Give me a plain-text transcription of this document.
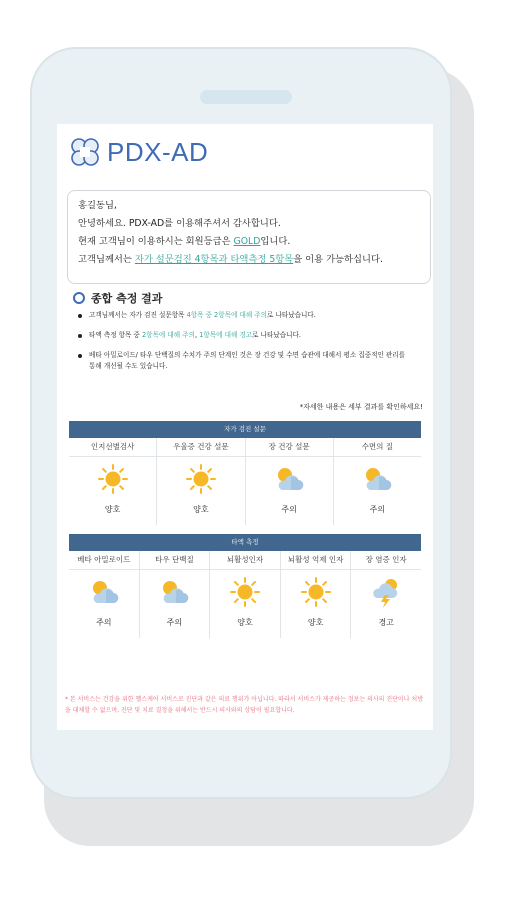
PDX-AD

홍길동님,

안녕하세요. PDX-AD를 이용해주셔서 감사합니다.

현재 고객님이 이용하시는 회원등급은 GOLD입니다.

고객님께서는 자가 설문검진 4항목과 타액측정 5항목을 이용 가능하십니다.

종합 측정 결과
고객님께서는 자가 검진 설문항목 4항목 중 2항목에 대해 주의로 나타났습니다.
타액 측정 항목 중 2항목에 대해 주의, 1항목에 대해 경고로 나타났습니다.
베타 아밀로이드/ 타우 단백질의 수치가 주의 단계인 것은 장 건강 및 수면 습관에 대해서 평소 집중적인 관리를 통해 개선될 수도 있습니다.
*자세한 내용은 세부 결과를 확인하세요!
자가 검진 설문
인지선별검사
양호
우울증 건강 설문
양호
장 건강 설문
주의
수면의 질
주의
타액 측정
베타 아밀로이드
주의
타우 단백질
주의
뇌활성인자
양호
뇌활성 억제 인자
양호
장 염증 인자
경고
* 본 서비스는 건강을 위한 헬스케어 서비스로 진단과 같은 의료 행위가 아닙니다. 따라서 서비스가 제공하는 정보는 의사의 진단이나 처방을 대체할 수 없으며, 진단 및 치료 결정을 위해서는 반드시 의사와의 상담이 필요합니다.
